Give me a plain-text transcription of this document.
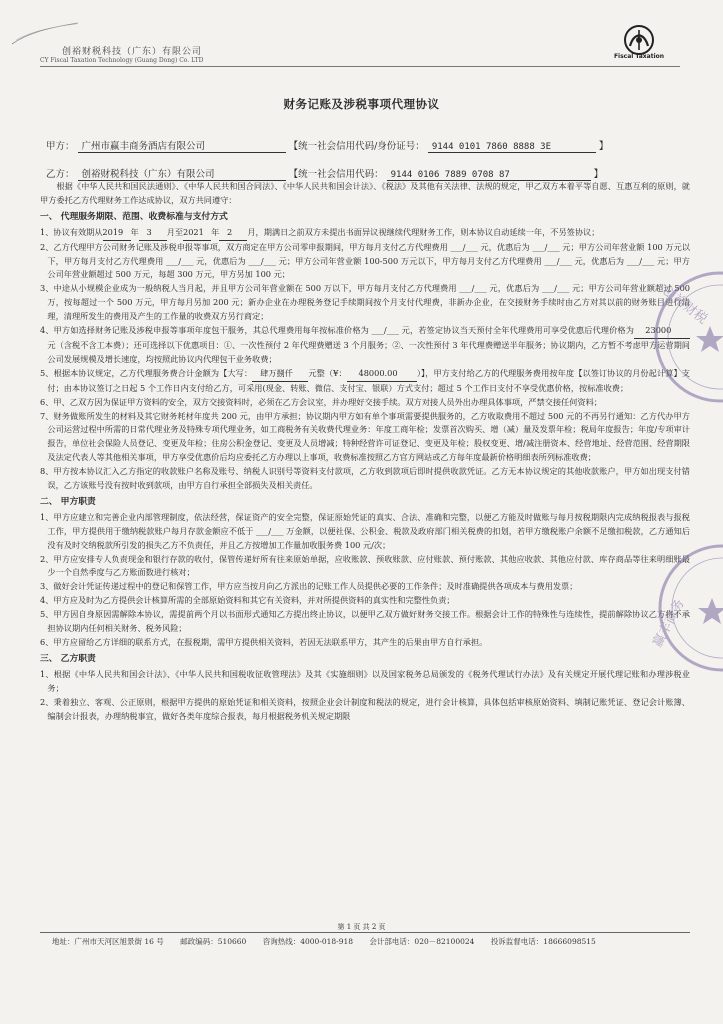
创裕财税科技（广东）有限公司
CY Fiscal Taxation Technology (Guang Dong) Co. LTD
Fiscal Taxation
财务记账及涉税事项代理协议
甲方： 广州市赢丰商务酒店有限公司	【统一社会信用代码/身份证号： 9144 0101 7860 8888 3E	】
乙方： 创裕财税科技（广东）有限公司	【统一社会信用代码： 9144 0106 7889 0708 87	】

根据《中华人民共和国民法通则》、《中华人民共和国合同法》、《中华人民共和国会计法》、《税法》及其他有关法律、法规的规定，甲乙双方本着平等自愿、互惠互利的原则，就甲方委托乙方代理财务工作达成协议，双方共同遵守：

一、 代理服务期限、范围、收费标准与支付方式

1、协议有效期从2019 年 3 月至2021 年 2 月，期满日之前双方未提出书面异议视继续代理财务工作，则本协议自动延续一年，不另签协议；

2、乙方代理甲方公司财务记账及涉税申报等事项，双方商定在甲方公司零申报期间，甲方每月支付乙方代理费用 ___/___ 元，优惠后为 ___/___ 元；甲方公司年营业额 100 万元以下，甲方每月支付乙方代理费用 ___/___ 元，优惠后为 ___/___ 元；甲方公司年营业额 100-500 万元以下，甲方每月支付乙方代理费用 ___/___ 元，优惠后为 ___/___ 元；甲方公司年营业额超过 500 万元，每超 300 万元，甲方另加 100 元；

3、中途从小规模企业成为一般纳税人当月起，并且甲方公司年营业额在 500 万以下，甲方每月支付乙方代理费用 ___/___ 元，优惠后为 ___/___ 元；甲方公司年营业额超过 500 万，按每超过一个 500 万元，甲方每月另加 200 元；新办企业在办理税务登记手续期间按个月支付代理费，非新办企业，在交接财务手续时由乙方对其以前的财务账目进行清理，清理所发生的费用及产生的工作量的收费双方另行商定；

4、甲方如选择财务记账及涉税申报等事项年度包干服务，其总代理费用每年按标准价格为 ___/___ 元，若签定协议当天预付全年代理费用可享受优惠后代理价格为 23000元（含税不含工本费）；还可选择以下优惠项目：①、一次性预付 2 年代理费赠送 3 个月服务；②、一次性预付 3 年代理费赠送半年服务；协议期内，乙方暂不考虑甲方运营期间公司发展规模及增长速度，均按照此协议内代理包干业务收费；

5、根据本协议规定，乙方代理服务费合计金额为【大写： 肆万捌仟 元整（¥： 48000.00 ）】，甲方支付给乙方的代理服务费用按年度【以签订协议的月份起计算】支付；由本协议签订之日起 5 个工作日内支付给乙方，可采用(现金、转账、微信、支付宝、银联）方式支付；超过 5 个工作日支付不享受优惠价格，按标准收费；

6、甲、乙双方因为保证甲方资料的安全，双方交接资料时，必须在乙方会议室，并办理好交接手续。双方对接人员外出办理具体事项，严禁交接任何资料；

7、财务做账所发生的材料及其它财务耗材年度共 200 元，由甲方承担；协议期内甲方如有单个事项需要提供服务的，乙方收取费用不超过 500 元的不再另行通知：乙方代办甲方公司运营过程中所需的日常代理业务及特殊专项代理业务，如工商税务有关收费代理业务：年度工商年检；发票首次购买、增（减）量及发票年检；税局年度报告；年度/专项审计报告，单位社会保险人员登记、变更及年检；住房公积金登记、变更及人员增减；特种经营许可证登记、变更及年检；股权变更、增/减注册资本、经营地址、经营范围、经营期限及法定代表人等其他相关事项，甲方享受优惠价后均应委托乙方办理以上事项，收费标准按照乙方官方网站或乙方每年度最新价格明细表所列标准收费；

8、甲方按本协议汇入乙方指定的收款账户名称及账号、纳税人识别号等资料支付款项，乙方收到款项后即时提供收款凭证。乙方无本协议规定的其他收款账户，甲方如出现支付错误，乙方该账号没有按时收到款项，由甲方自行承担全部损失及相关责任。

二、 甲方职责

1、甲方应建立和完善企业内部管理制度，依法经营，保证资产的安全完整，保证原始凭证的真实、合法、准确和完整，以便乙方能及时做账与每月按税期限内完成纳税报表与报税工作，甲方提供用于缴纳税款账户每月存款金额应不低于 ___/___ 万金额，以便社保、公积金、税款及政府部门相关税费的扣划，若甲方缴税账户余额不足缴扣税款，乙方通知后没有及时交纳税款所引发的损失乙方不负责任，并且乙方按增加工作量加收服务费 100 元/次；

2、甲方应安排专人负责现金和银行存款的收付，保管传递好所有往来原始单据，应收账款、预收账款、应付账款、预付账款、其他应收款、其他应付款、库存商品等往来明细账最少一个自然季度与乙方账面数进行核对；

3、做好会计凭证传递过程中的登记和保管工作，甲方应当按月向乙方派出的记账工作人员提供必要的工作条件；及时准确提供各项成本与费用发票；

4、甲方应及时为乙方提供会计核算所需的全部原始资料和其它有关资料，并对所提供资料的真实性和完整性负责；

5、甲方因自身原因需解除本协议，需提前两个月以书面形式通知乙方提出终止协议，以便甲乙双方做好财务交接工作。根据会计工作的特殊性与连续性，提前解除协议乙方将不承担协议期内任何相关财务、税务风险；

6、甲方应留给乙方详细的联系方式，在报税期，需甲方提供相关资料，若因无法联系甲方，其产生的后果由甲方自行承担。

三、 乙方职责

1、根据《中华人民共和国会计法》、《中华人民共和国税收征收管理法》及其《实施细则》以及国家税务总局颁发的《税务代理试行办法》及有关规定开展代理记账和办理涉税业务；

2、秉着独立、客观、公正原则，根据甲方提供的原始凭证和相关资料，按照企业会计制度和税法的规定，进行会计核算，具体包括审核原始资料、填制记账凭证、登记会计账簿、编制会计报表，办理纳税事宜，做好各类年度综合报表，每月根据税务机关规定期限

第 1 页 共 2 页
地址：广州市天河区旭景街 16 号 邮政编码：510660 咨询热线：4000-018-918 会计部电话：020－82100024 投诉监督电话：18666098515
创裕财税
赢丰商务
